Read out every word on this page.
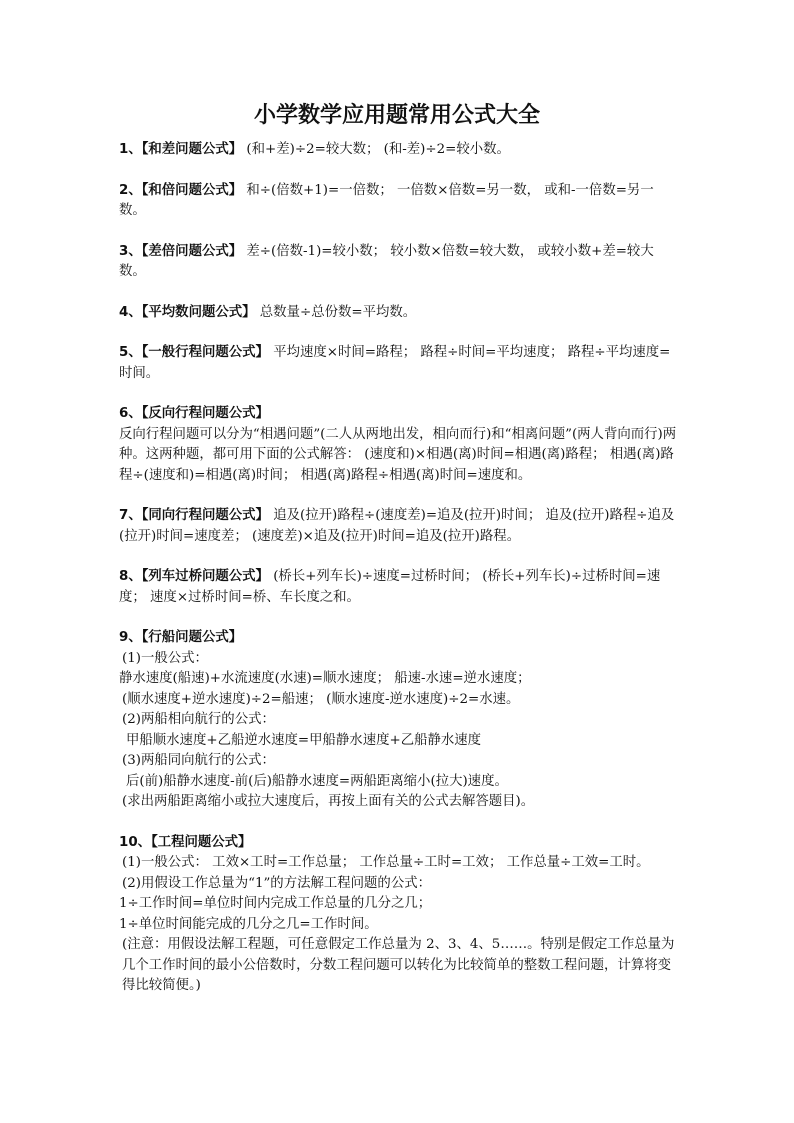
小学数学应用题常用公式大全
1、【和差问题公式】 (和+差)÷2=较大数； (和-差)÷2=较小数。
2、【和倍问题公式】 和÷(倍数+1)=一倍数； 一倍数×倍数=另一数， 或和-一倍数=另一数。
3、【差倍问题公式】 差÷(倍数-1)=较小数； 较小数×倍数=较大数， 或较小数+差=较大数。
4、【平均数问题公式】 总数量÷总份数=平均数。
5、【一般行程问题公式】 平均速度×时间=路程； 路程÷时间=平均速度； 路程÷平均速度=时间。
6、【反向行程问题公式】
反向行程问题可以分为“相遇问题”(二人从两地出发，相向而行)和“相离问题”(两人背向而行)两种。这两种题，都可用下面的公式解答： (速度和)×相遇(离)时间=相遇(离)路程； 相遇(离)路程÷(速度和)=相遇(离)时间； 相遇(离)路程÷相遇(离)时间=速度和。
7、【同向行程问题公式】 追及(拉开)路程÷(速度差)=追及(拉开)时间； 追及(拉开)路程÷追及(拉开)时间=速度差； (速度差)×追及(拉开)时间=追及(拉开)路程。
8、【列车过桥问题公式】 (桥长+列车长)÷速度=过桥时间； (桥长+列车长)÷过桥时间=速度； 速度×过桥时间=桥、车长度之和。
9、【行船问题公式】
(1)一般公式：
静水速度(船速)+水流速度(水速)=顺水速度； 船速-水速=逆水速度；
(顺水速度+逆水速度)÷2=船速； (顺水速度-逆水速度)÷2=水速。
(2)两船相向航行的公式：
甲船顺水速度+乙船逆水速度=甲船静水速度+乙船静水速度
(3)两船同向航行的公式：
后(前)船静水速度-前(后)船静水速度=两船距离缩小(拉大)速度。
(求出两船距离缩小或拉大速度后，再按上面有关的公式去解答题目)。
10、【工程问题公式】
(1)一般公式： 工效×工时=工作总量； 工作总量÷工时=工效； 工作总量÷工效=工时。
(2)用假设工作总量为“1”的方法解工程问题的公式：
1÷工作时间=单位时间内完成工作总量的几分之几；
1÷单位时间能完成的几分之几=工作时间。
(注意：用假设法解工程题，可任意假定工作总量为 2、3、4、5……。特别是假定工作总量为几个工作时间的最小公倍数时，分数工程问题可以转化为比较简单的整数工程问题，计算将变得比较简便。)
